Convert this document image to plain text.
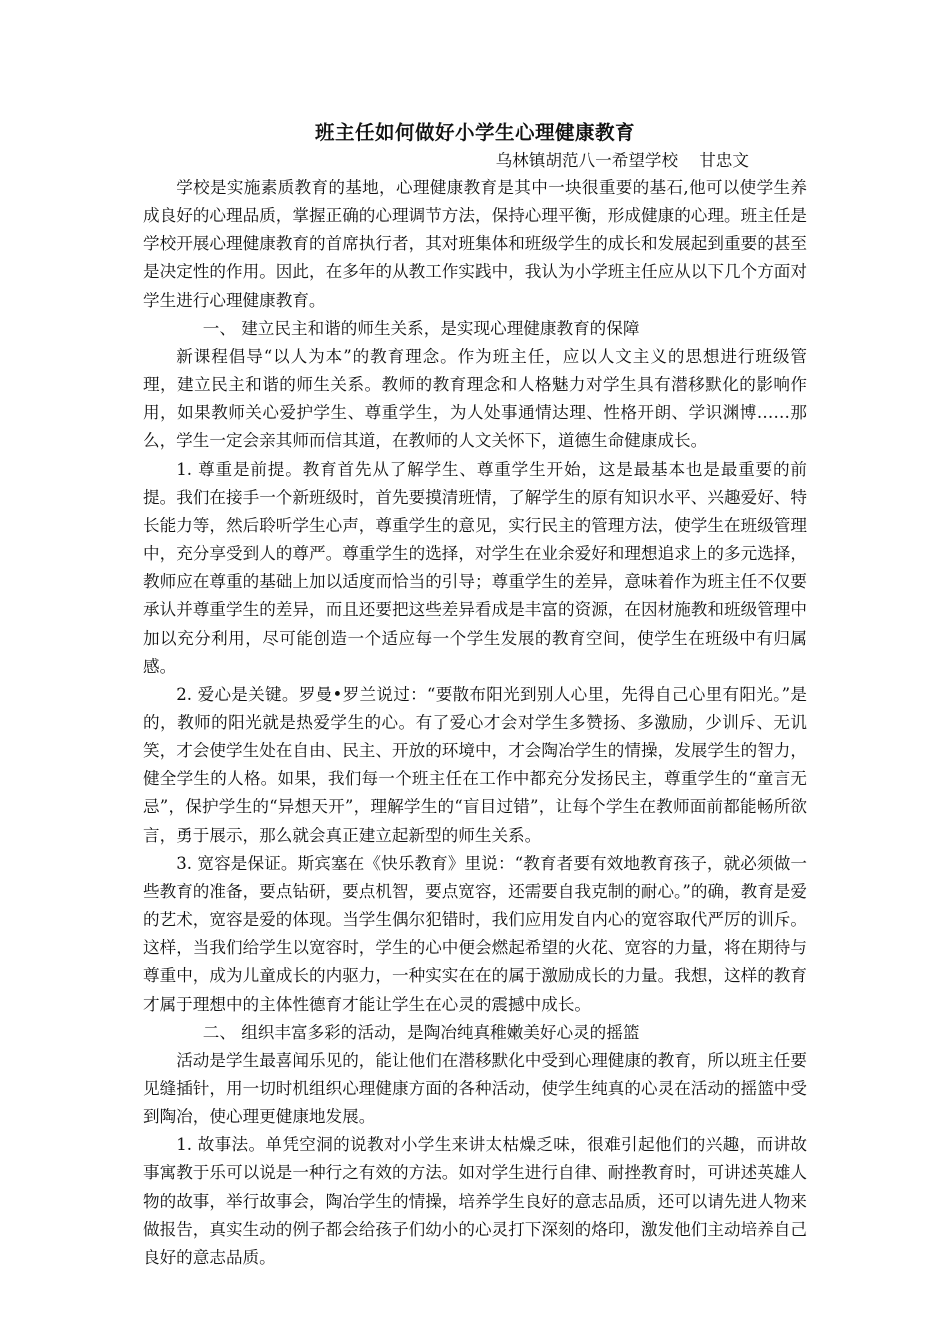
班主任如何做好小学生心理健康教育

乌林镇胡范八一希望学校    甘忠文

学校是实施素质教育的基地，心理健康教育是其中一块很重要的基石,他可以使学生养成良好的心理品质，掌握正确的心理调节方法，保持心理平衡，形成健康的心理。班主任是学校开展心理健康教育的首席执行者，其对班集体和班级学生的成长和发展起到重要的甚至是决定性的作用。因此，在多年的从教工作实践中，我认为小学班主任应从以下几个方面对学生进行心理健康教育。

一、 建立民主和谐的师生关系，是实现心理健康教育的保障

新课程倡导“以人为本”的教育理念。作为班主任，应以人文主义的思想进行班级管理，建立民主和谐的师生关系。教师的教育理念和人格魅力对学生具有潜移默化的影响作用，如果教师关心爱护学生、尊重学生，为人处事通情达理、性格开朗、学识渊博……那么，学生一定会亲其师而信其道，在教师的人文关怀下，道德生命健康成长。

1. 尊重是前提。教育首先从了解学生、尊重学生开始，这是最基本也是最重要的前提。我们在接手一个新班级时，首先要摸清班情，了解学生的原有知识水平、兴趣爱好、特长能力等，然后聆听学生心声，尊重学生的意见，实行民主的管理方法，使学生在班级管理中，充分享受到人的尊严。尊重学生的选择，对学生在业余爱好和理想追求上的多元选择，教师应在尊重的基础上加以适度而恰当的引导；尊重学生的差异，意味着作为班主任不仅要承认并尊重学生的差异，而且还要把这些差异看成是丰富的资源，在因材施教和班级管理中加以充分利用，尽可能创造一个适应每一个学生发展的教育空间，使学生在班级中有归属感。

2. 爱心是关键。罗曼•罗兰说过：“要散布阳光到别人心里，先得自己心里有阳光。”是的，教师的阳光就是热爱学生的心。有了爱心才会对学生多赞扬、多激励，少训斥、无讥笑，才会使学生处在自由、民主、开放的环境中，才会陶冶学生的情操，发展学生的智力，健全学生的人格。如果，我们每一个班主任在工作中都充分发扬民主，尊重学生的“童言无忌”，保护学生的“异想天开”，理解学生的“盲目过错”，让每个学生在教师面前都能畅所欲言，勇于展示，那么就会真正建立起新型的师生关系。

3. 宽容是保证。斯宾塞在《快乐教育》里说：“教育者要有效地教育孩子，就必须做一些教育的准备，要点钻研，要点机智，要点宽容，还需要自我克制的耐心。”的确，教育是爱的艺术，宽容是爱的体现。当学生偶尔犯错时，我们应用发自内心的宽容取代严厉的训斥。这样，当我们给学生以宽容时，学生的心中便会燃起希望的火花、宽容的力量，将在期待与尊重中，成为儿童成长的内驱力，一种实实在在的属于激励成长的力量。我想，这样的教育才属于理想中的主体性德育才能让学生在心灵的震撼中成长。

二、 组织丰富多彩的活动，是陶冶纯真稚嫩美好心灵的摇篮

活动是学生最喜闻乐见的，能让他们在潜移默化中受到心理健康的教育，所以班主任要见缝插针，用一切时机组织心理健康方面的各种活动，使学生纯真的心灵在活动的摇篮中受到陶冶，使心理更健康地发展。

1. 故事法。单凭空洞的说教对小学生来讲太枯燥乏味，很难引起他们的兴趣，而讲故事寓教于乐可以说是一种行之有效的方法。如对学生进行自律、耐挫教育时，可讲述英雄人物的故事，举行故事会，陶冶学生的情操，培养学生良好的意志品质，还可以请先进人物来做报告，真实生动的例子都会给孩子们幼小的心灵打下深刻的烙印，激发他们主动培养自己良好的意志品质。
